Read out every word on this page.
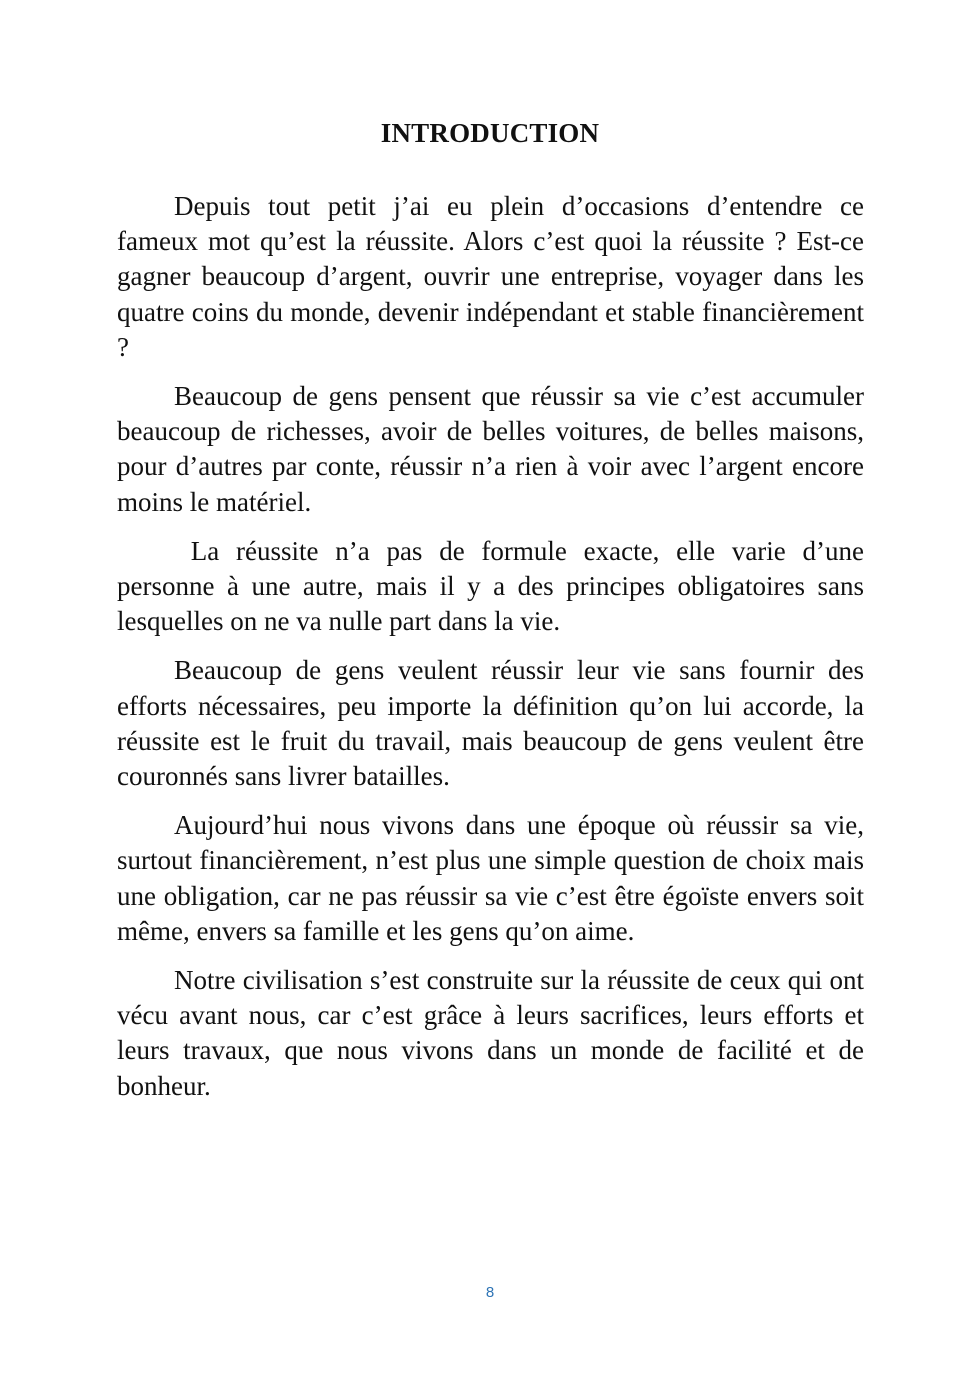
INTRODUCTION

Depuis tout petit j’ai eu plein d’occasions d’entendre ce fameux mot qu’est la réussite. Alors c’est quoi la réussite ? Est-ce gagner beaucoup d’argent, ouvrir une entreprise, voyager dans les quatre coins du monde, devenir indépendant et stable financièrement ?

Beaucoup de gens pensent que réussir sa vie c’est accumuler beaucoup de richesses, avoir de belles voitures, de belles maisons, pour d’autres par conte, réussir n’a rien à voir avec l’argent encore moins le matériel.

La réussite n’a pas de formule exacte, elle varie d’une personne à une autre, mais il y a des principes obligatoires sans lesquelles on ne va nulle part dans la vie.

Beaucoup de gens veulent réussir leur vie sans fournir des efforts nécessaires, peu importe la définition qu’on lui accorde, la réussite est le fruit du travail, mais beaucoup de gens veulent être couronnés sans livrer batailles.

Aujourd’hui nous vivons dans une époque où réussir sa vie, surtout financièrement, n’est plus une simple question de choix mais une obligation, car ne pas réussir sa vie c’est être égoïste envers soit même, envers sa famille et les gens qu’on aime.

Notre civilisation s’est construite sur la réussite de ceux qui ont vécu avant nous, car c’est grâce à leurs sacrifices, leurs efforts et leurs travaux, que nous vivons dans un monde de facilité et de bonheur.

8
